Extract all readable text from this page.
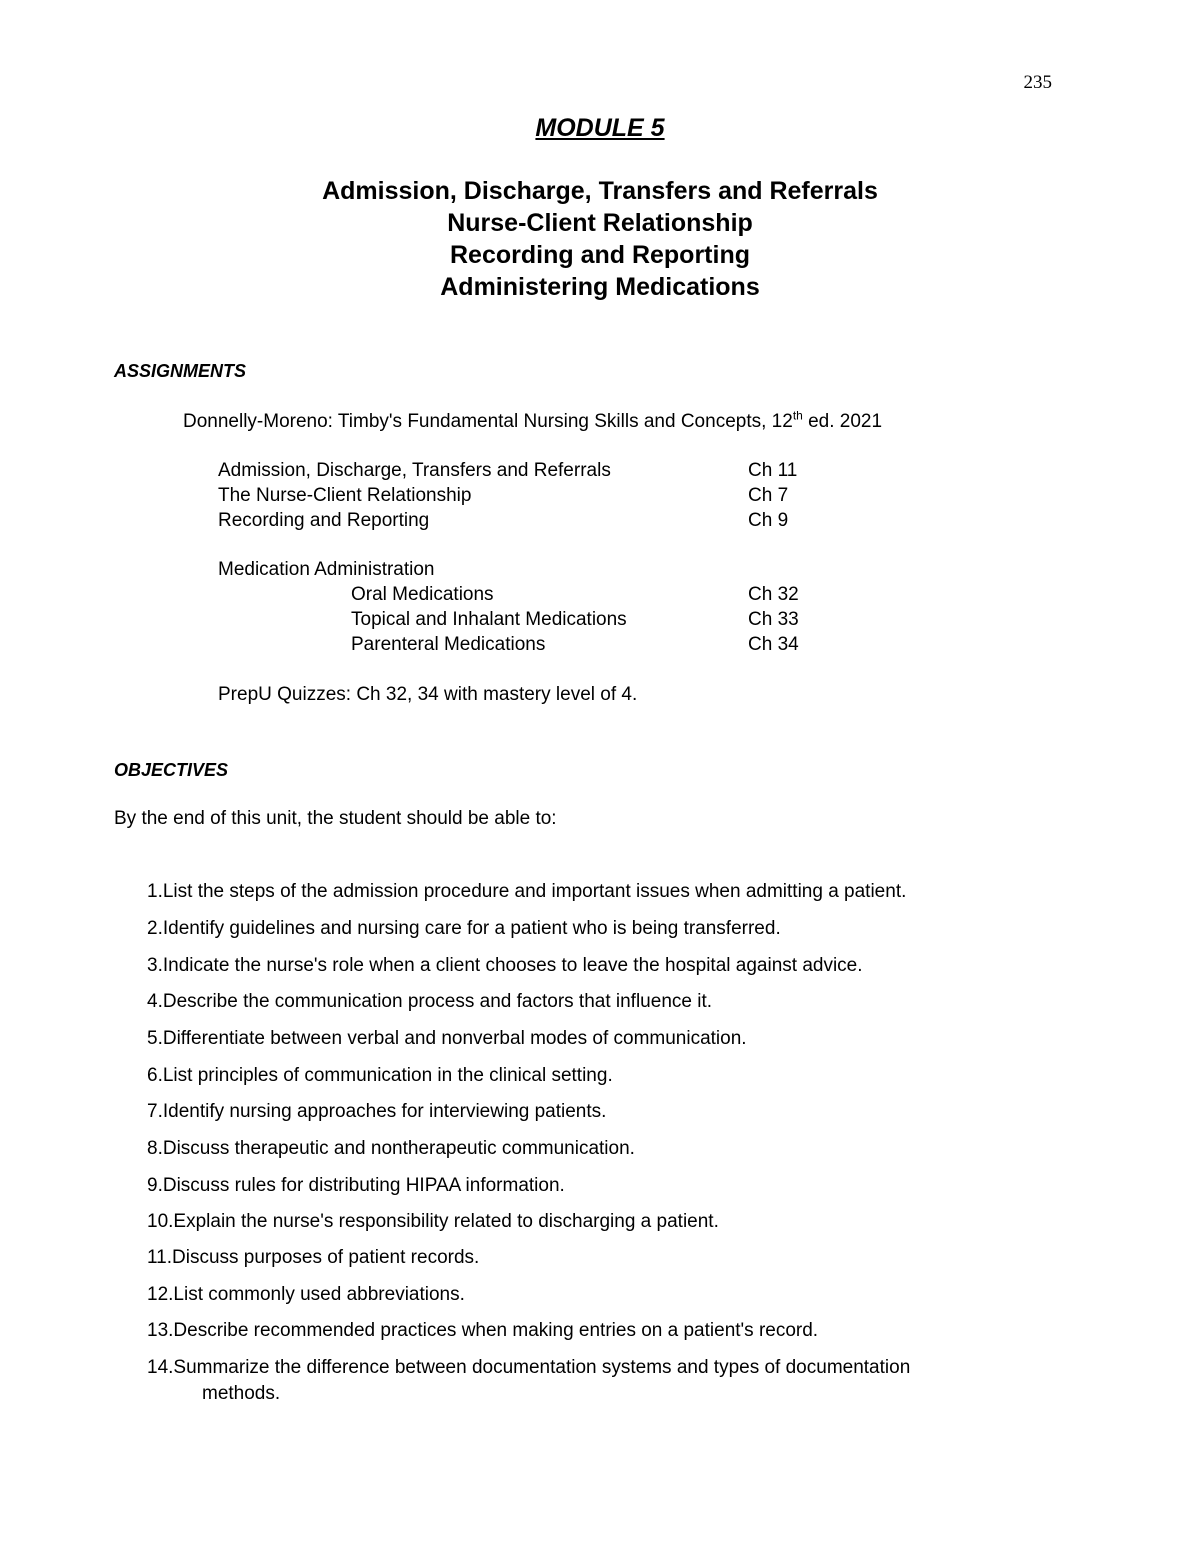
235
MODULE 5
Admission, Discharge, Transfers and Referrals
Nurse-Client Relationship
Recording and Reporting
Administering Medications
ASSIGNMENTS
Donnelly-Moreno: Timby's Fundamental Nursing Skills and Concepts, 12th ed. 2021
Admission, Discharge, Transfers and Referrals	Ch 11
The Nurse-Client Relationship	Ch 7
Recording and Reporting	Ch 9
Medication Administration
Oral Medications	Ch 32
Topical and Inhalant Medications	Ch 33
Parenteral Medications	Ch 34
PrepU Quizzes: Ch 32, 34 with mastery level of 4.
OBJECTIVES
By the end of this unit, the student should be able to:
1.List the steps of the admission procedure and important issues when admitting a patient.
2.Identify guidelines and nursing care for a patient who is being transferred.
3.Indicate the nurse's role when a client chooses to leave the hospital against advice.
4.Describe the communication process and factors that influence it.
5.Differentiate between verbal and nonverbal modes of communication.
6.List principles of communication in the clinical setting.
7.Identify nursing approaches for interviewing patients.
8.Discuss therapeutic and nontherapeutic communication.
9.Discuss rules for distributing HIPAA information.
10.Explain the nurse's responsibility related to discharging a patient.
11.Discuss purposes of patient records.
12.List commonly used abbreviations.
13.Describe recommended practices when making entries on a patient's record.
14.Summarize the difference between documentation systems and types of documentation
methods.
